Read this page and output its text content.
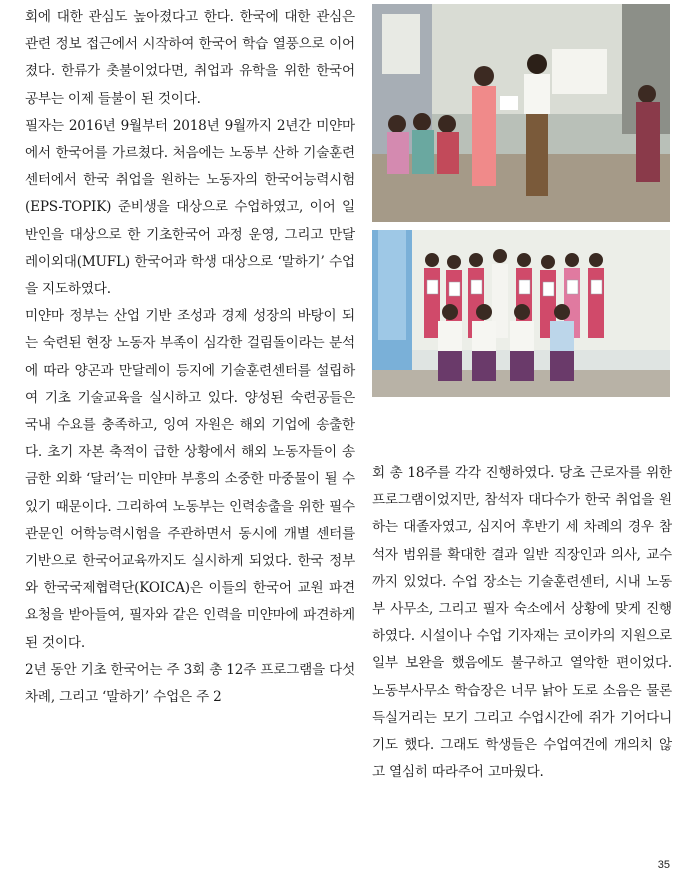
회에 대한 관심도 높아졌다고 한다. 한국에 대한 관심은 관련 정보 접근에서 시작하여 한국어 학습 열풍으로 이어졌다. 한류가 촛불이었다면, 취업과 유학을 위한 한국어 공부는 이제 들불이 된 것이다.

필자는 2016년 9월부터 2018년 9월까지 2년간 미얀마에서 한국어를 가르쳤다. 처음에는 노동부 산하 기술훈련센터에서 한국 취업을 원하는 노동자의 한국어능력시험(EPS-TOPIK) 준비생을 대상으로 수업하였고, 이어 일반인을 대상으로 한 기초한국어 과정 운영, 그리고 만달레이외대(MUFL) 한국어과 학생 대상으로 ‘말하기’ 수업을 지도하였다.

미얀마 정부는 산업 기반 조성과 경제 성장의 바탕이 되는 숙련된 현장 노동자 부족이 심각한 걸림돌이라는 분석에 따라 양곤과 만달레이 등지에 기술훈련센터를 설립하여 기초 기술교육을 실시하고 있다. 양성된 숙련공들은 국내 수요를 충족하고, 잉여 자원은 해외 기업에 송출한다. 초기 자본 축적이 급한 상황에서 해외 노동자들이 송금한 외화 ‘달러’는 미얀마 부흥의 소중한 마중물이 될 수 있기 때문이다. 그리하여 노동부는 인력송출을 위한 필수 관문인 어학능력시험을 주관하면서 동시에 개별 센터를 기반으로 한국어교육까지도 실시하게 되었다. 한국 정부와 한국국제협력단(KOICA)은 이들의 한국어 교원 파견 요청을 받아들여, 필자와 같은 인력을 미얀마에 파견하게 된 것이다.

2년 동안 기초 한국어는 주 3회 총 12주 프로그램을 다섯 차례, 그리고 ‘말하기’ 수업은 주 2

회 총 18주를 각각 진행하였다. 당초 근로자를 위한 프로그램이었지만, 참석자 대다수가 한국 취업을 원하는 대졸자였고, 심지어 후반기 세 차례의 경우 참석자 범위를 확대한 결과 일반 직장인과 의사, 교수까지 있었다. 수업 장소는 기술훈련센터, 시내 노동부 사무소, 그리고 필자 숙소에서 상황에 맞게 진행하였다. 시설이나 수업 기자재는 코이카의 지원으로 일부 보완을 했음에도 불구하고 열악한 편이었다. 노동부사무소 학습장은 너무 낡아 도로 소음은 물론 득실거리는 모기 그리고 수업시간에 쥐가 기어다니기도 했다. 그래도 학생들은 수업여건에 개의치 않고 열심히 따라주어 고마웠다.

35
